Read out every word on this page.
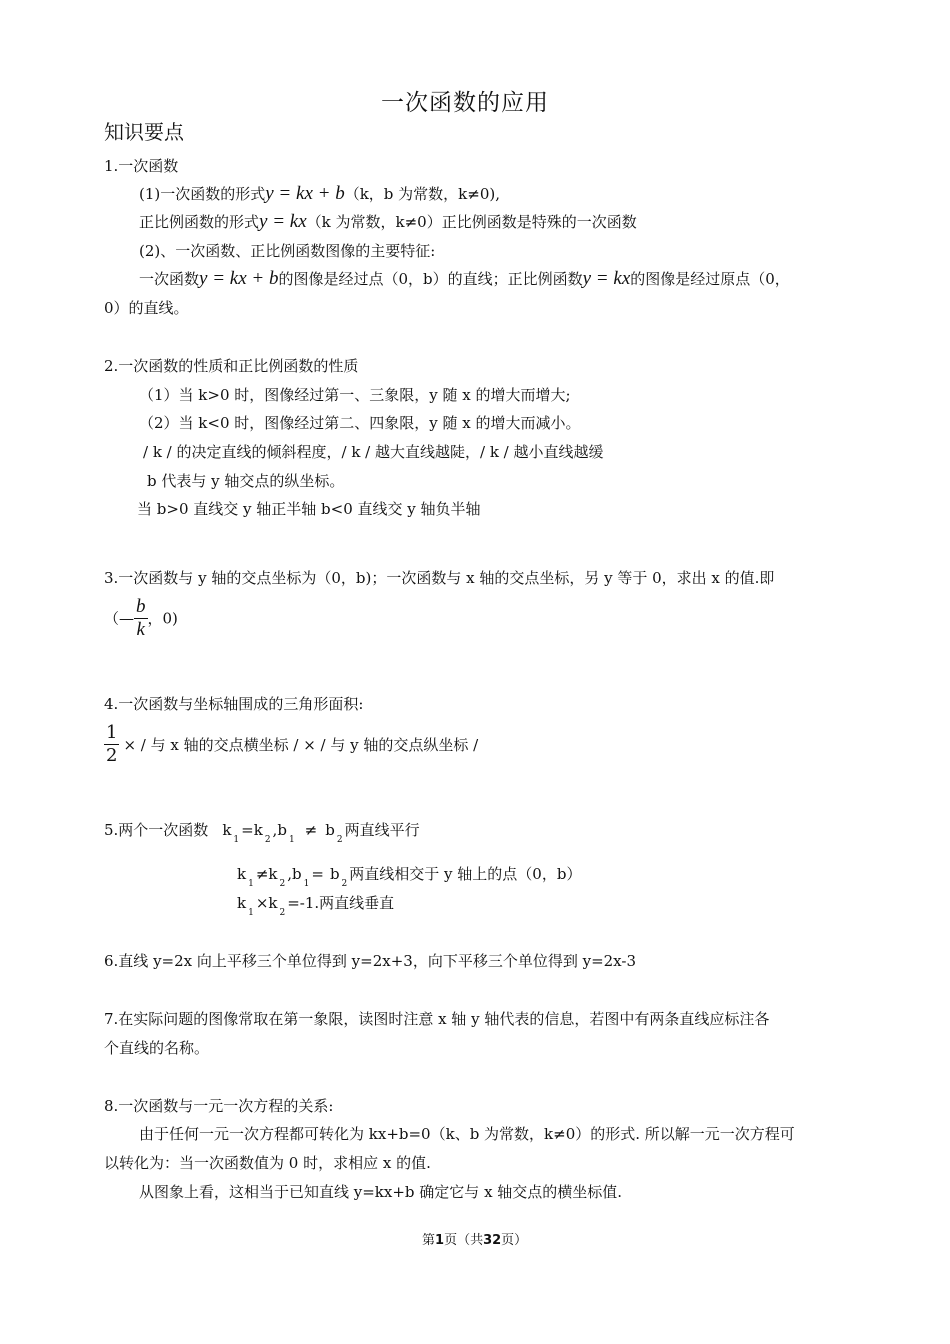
一次函数的应用
知识要点
1.一次函数
(1)一次函数的形式y = kx + b（k，b 为常数，k≠0),
正比例函数的形式y = kx（k 为常数，k≠0）正比例函数是特殊的一次函数
(2)、一次函数、正比例函数图像的主要特征:
一次函数y = kx + b的图像是经过点（0，b）的直线；正比例函数y = kx的图像是经过原点（0，
0）的直线。
2.一次函数的性质和正比例函数的性质
（1）当 k>0 时，图像经过第一、三象限，y 随 x 的增大而增大;
（2）当 k<0 时，图像经过第二、四象限，y 随 x 的增大而减小。
/ k / 的决定直线的倾斜程度，/ k / 越大直线越陡，/ k / 越小直线越缓
b 代表与 y 轴交点的纵坐标。
当 b>0 直线交 y 轴正半轴 b<0 直线交 y 轴负半轴
3.一次函数与 y 轴的交点坐标为（0，b)；一次函数与 x 轴的交点坐标，另 y 等于 0，求出 x 的值.即
（— $\frac{b}{k}$ ，0)
4.一次函数与坐标轴围成的三角形面积:
$\frac{1}{2}$ × / 与 x 轴的交点横坐标 / × / 与 y 轴的交点纵坐标 /
5.两个一次函数 $k_1=k_2,b_1\ne b_2$两直线平行
$k_1\ne k_2,b_1= b_2$两直线相交于 y 轴上的点（0，b）
$k_1\times k_2=-1$.两直线垂直
6.直线 y=2x 向上平移三个单位得到 y=2x+3，向下平移三个单位得到 y=2x-3
7.在实际问题的图像常取在第一象限，读图时注意 x 轴 y 轴代表的信息，若图中有两条直线应标注各
个直线的名称。
8.一次函数与一元一次方程的关系:
由于任何一元一次方程都可转化为 kx+b=0（k、b 为常数，k≠0）的形式. 所以解一元一次方程可
以转化为：当一次函数值为 0 时，求相应 x 的值.
从图象上看，这相当于已知直线 y=kx+b 确定它与 x 轴交点的横坐标值.
第1页（共32页）
